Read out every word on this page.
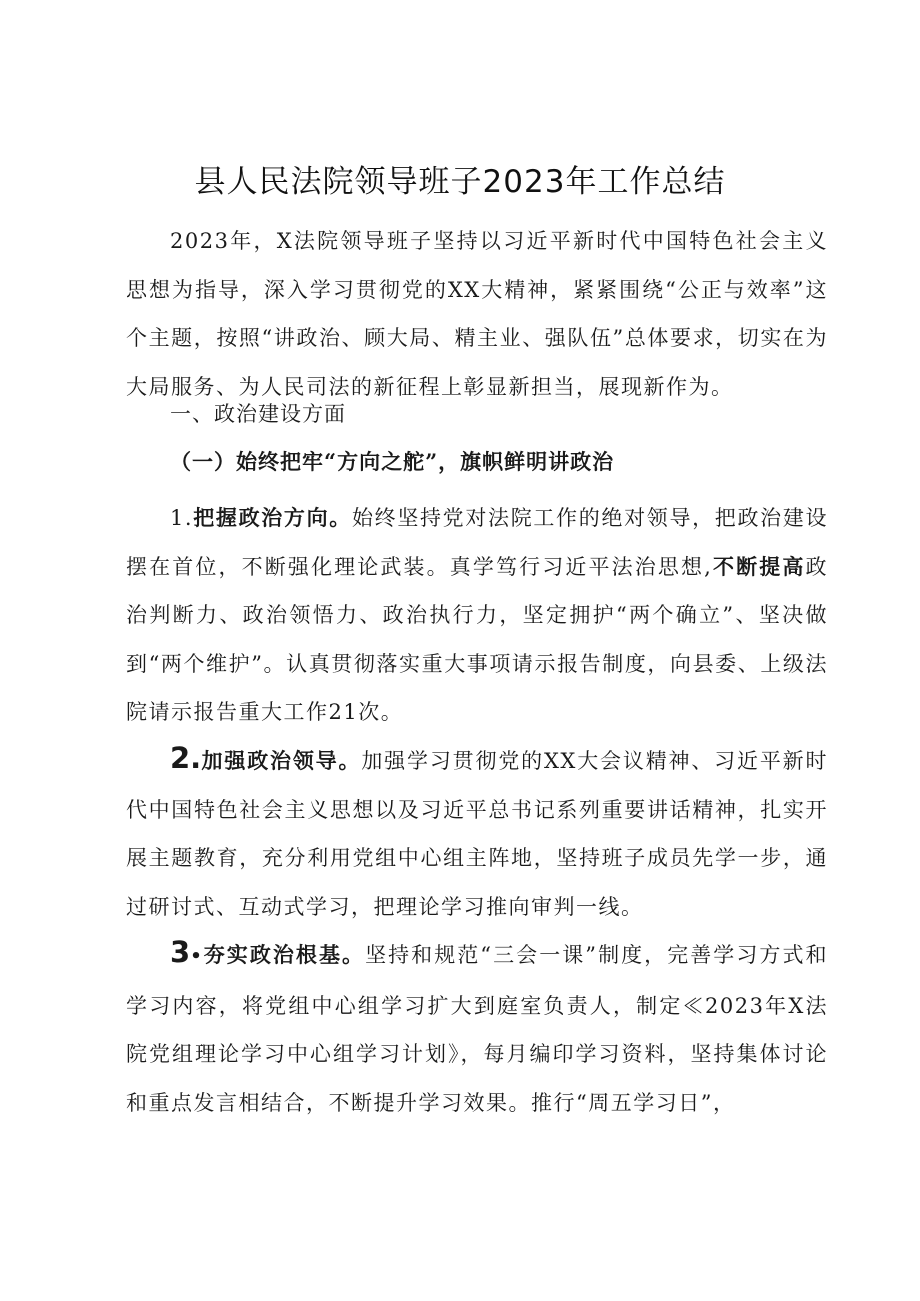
县人民法院领导班子2023年工作总结

2023年，X法院领导班子坚持以习近平新时代中国特色社会主义思想为指导，深入学习贯彻党的XX大精神，紧紧围绕“公正与效率”这个主题，按照“讲政治、顾大局、精主业、强队伍”总体要求，切实在为大局服务、为人民司法的新征程上彰显新担当，展现新作为。

一、政治建设方面

（一）始终把牢“方向之舵”，旗帜鲜明讲政治

1.把握政治方向。始终坚持党对法院工作的绝对领导，把政治建设摆在首位，不断强化理论武装。真学笃行习近平法治思想,不断提高政治判断力、政治领悟力、政治执行力，坚定拥护“两个确立”、坚决做到“两个维护”。认真贯彻落实重大事项请示报告制度，向县委、上级法院请示报告重大工作21次。

2.加强政治领导。加强学习贯彻党的XX大会议精神、习近平新时代中国特色社会主义思想以及习近平总书记系列重要讲话精神，扎实开展主题教育，充分利用党组中心组主阵地，坚持班子成员先学一步，通过研讨式、互动式学习，把理论学习推向审判一线。

3•夯实政治根基。坚持和规范“三会一课”制度，完善学习方式和学习内容，将党组中心组学习扩大到庭室负责人，制定≪2023年X法院党组理论学习中心组学习计划》，每月编印学习资料，坚持集体讨论和重点发言相结合，不断提升学习效果。推行“周五学习日”，
